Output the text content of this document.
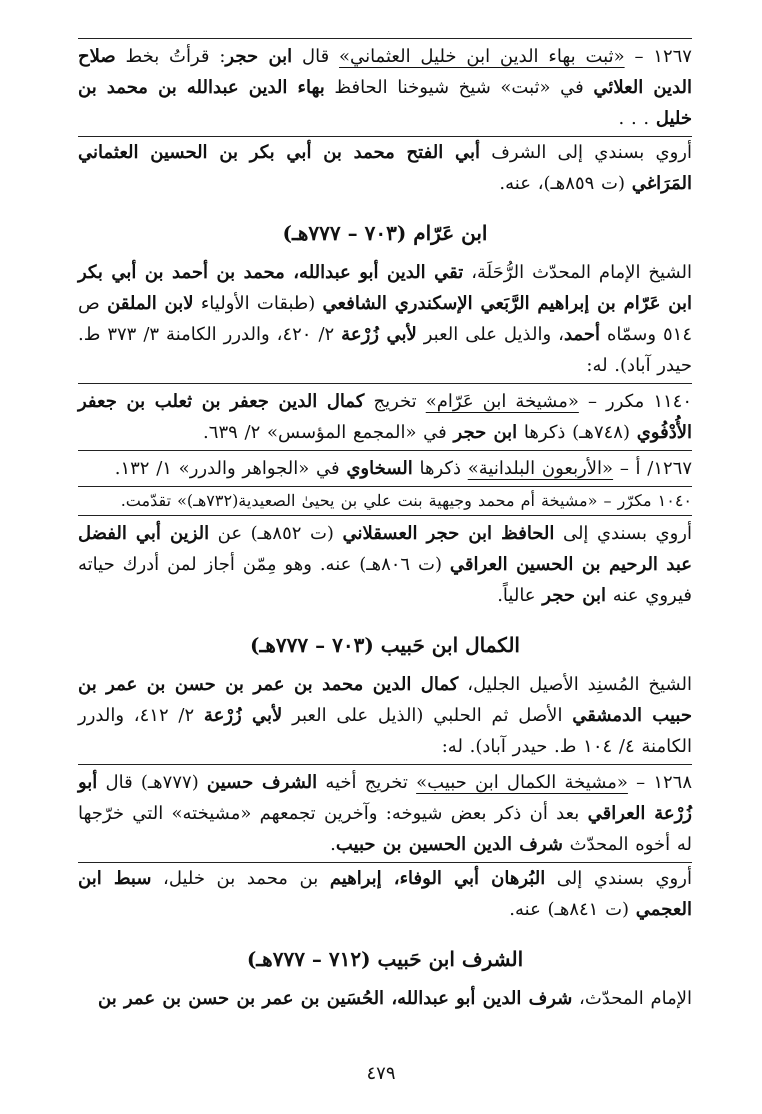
١٢٦٧ – «ثبت بهاء الدين ابن خليل العثماني» قال ابن حجر: قرأتُ بخط صلاح الدين العلائي في «ثبت» شيخ شيوخنا الحافظ بهاء الدين عبدالله بن محمد بن خليل . . .

أروي بسندي إلى الشرف أبي الفتح محمد بن أبي بكر بن الحسين العثماني المَرَاغي (ت ٨٥٩هـ)، عنه.

ابن عَرّام (٧٠٣ – ٧٧٧هـ)

الشيخ الإمام المحدّث الرُّحَلَة، تقي الدين أبو عبدالله، محمد بن أحمد بن أبي بكر ابن عَرّام بن إبراهيم الرَّبَعي الإسكندري الشافعي (طبقات الأولياء لابن الملقن ص ٥١٤ وسمّاه أحمد، والذيل على العبر لأبي زُرْعة ٢/ ٤٢٠، والدرر الكامنة ٣/ ٣٧٣ ط. حيدر آباد). له:

١١٤٠ مكرر – «مشيخة ابن عَرّام» تخريج كمال الدين جعفر بن ثعلب بن جعفر الأُدْفُوي (٧٤٨هـ) ذكرها ابن حجر في «المجمع المؤسس» ٢/ ٦٣٩.

١٢٦٧/ أ – «الأربعون البلدانية» ذكرها السخاوي في «الجواهر والدرر» ١/ ١٣٢.

١٠٤٠ مكرّر – «مشيخة أم محمد وجيهية بنت علي بن يحيىٰ الصعيدية(٧٣٢هـ)» تقدّمت.

أروي بسندي إلى الحافظ ابن حجر العسقلاني (ت ٨٥٢هـ) عن الزين أبي الفضل عبد الرحيم بن الحسين العراقي (ت ٨٠٦هـ) عنه. وهو مِمّن أجاز لمن أدرك حياته فيروي عنه ابن حجر عالياً.

الكمال ابن حَبيب (٧٠٣ – ٧٧٧هـ)

الشيخ المُسنِد الأصيل الجليل، كمال الدين محمد بن عمر بن حسن بن عمر بن حبيب الدمشقي الأصل ثم الحلبي (الذيل على العبر لأبي زُرْعة ٢/ ٤١٢، والدرر الكامنة ٤/ ١٠٤ ط. حيدر آباد). له:

١٢٦٨ – «مشيخة الكمال ابن حبيب» تخريج أخيه الشرف حسين (٧٧٧هـ) قال أبو زُرْعة العراقي بعد أن ذكر بعض شيوخه: وآخرين تجمعهم «مشيخته» التي خرّجها له أخوه المحدّث شرف الدين الحسين بن حبيب.

أروي بسندي إلى البُرهان أبي الوفاء، إبراهيم بن محمد بن خليل، سبط ابن العجمي (ت ٨٤١هـ) عنه.

الشرف ابن حَبيب (٧١٢ – ٧٧٧هـ)

الإمام المحدّث، شرف الدين أبو عبدالله، الحُسَين بن عمر بن حسن بن عمر بن

٤٧٩
